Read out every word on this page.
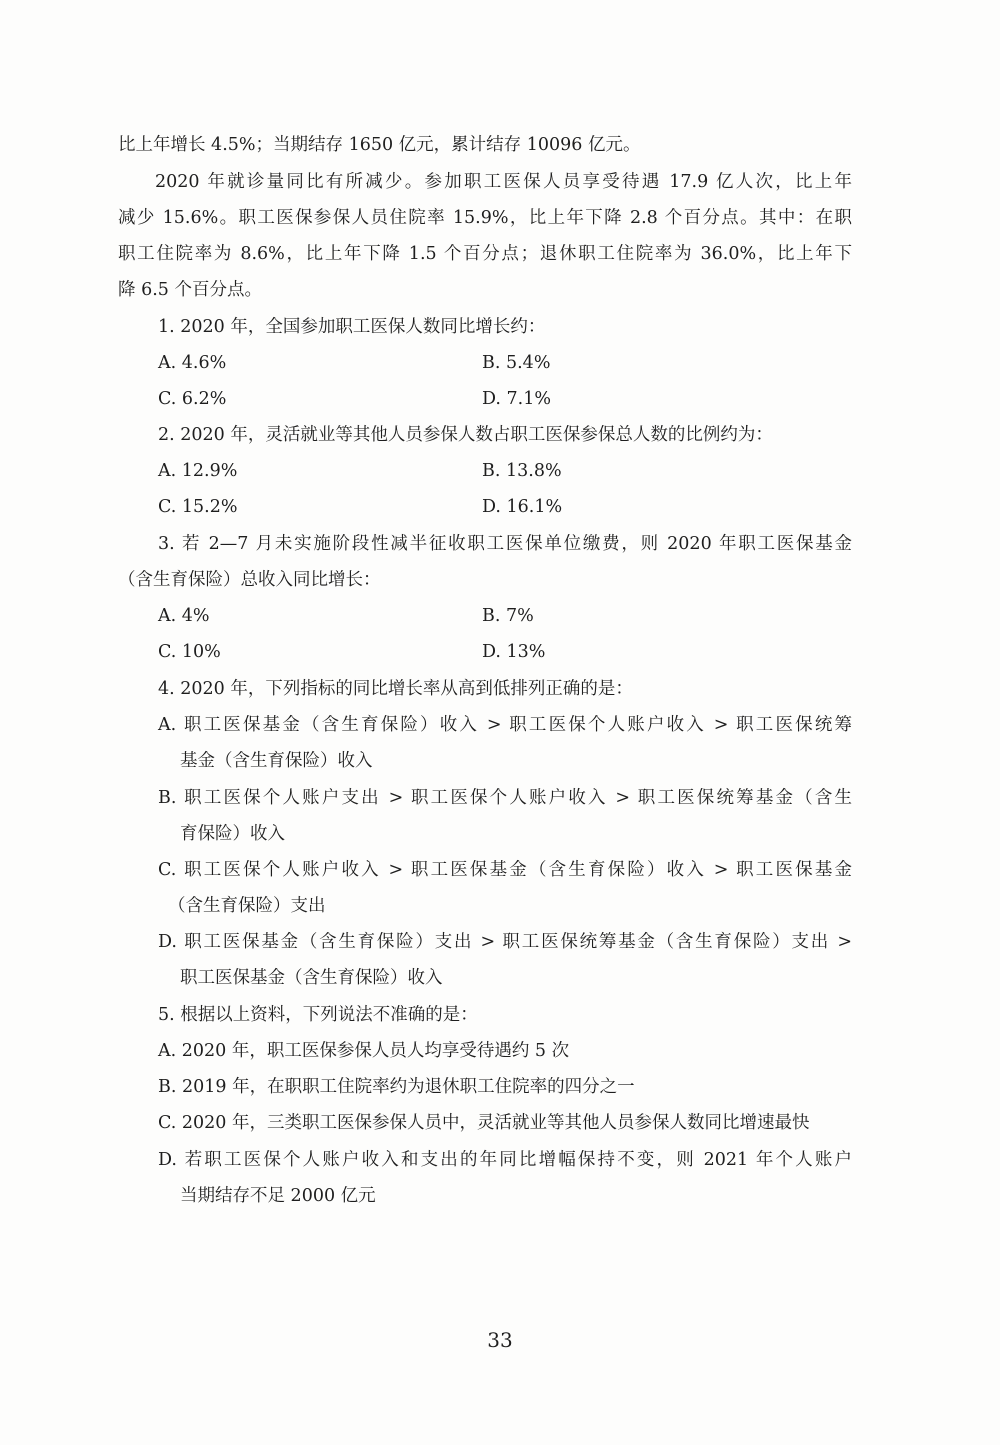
比上年增长 4.5%；当期结存 1650 亿元，累计结存 10096 亿元。
2020 年就诊量同比有所减少。参加职工医保人员享受待遇 17.9 亿人次，比上年
减少 15.6%。职工医保参保人员住院率 15.9%，比上年下降 2.8 个百分点。其中：在职
职工住院率为 8.6%，比上年下降 1.5 个百分点；退休职工住院率为 36.0%，比上年下
降 6.5 个百分点。
1. 2020 年，全国参加职工医保人数同比增长约：
A. 4.6%	B. 5.4%
C. 6.2%	D. 7.1%
2. 2020 年，灵活就业等其他人员参保人数占职工医保参保总人数的比例约为：
A. 12.9%	B. 13.8%
C. 15.2%	D. 16.1%
3. 若 2—7 月未实施阶段性减半征收职工医保单位缴费，则 2020 年职工医保基金
（含生育保险）总收入同比增长：
A. 4%	B. 7%
C. 10%	D. 13%
4. 2020 年，下列指标的同比增长率从高到低排列正确的是：
A. 职工医保基金（含生育保险）收入 > 职工医保个人账户收入 > 职工医保统筹
基金（含生育保险）收入
B. 职工医保个人账户支出 > 职工医保个人账户收入 > 职工医保统筹基金（含生
育保险）收入
C. 职工医保个人账户收入 > 职工医保基金（含生育保险）收入 > 职工医保基金
（含生育保险）支出
D. 职工医保基金（含生育保险）支出 > 职工医保统筹基金（含生育保险）支出 >
职工医保基金（含生育保险）收入
5. 根据以上资料，下列说法不准确的是：
A. 2020 年，职工医保参保人员人均享受待遇约 5 次
B. 2019 年，在职职工住院率约为退休职工住院率的四分之一
C. 2020 年，三类职工医保参保人员中，灵活就业等其他人员参保人数同比增速最快
D. 若职工医保个人账户收入和支出的年同比增幅保持不变，则 2021 年个人账户
当期结存不足 2000 亿元
33
